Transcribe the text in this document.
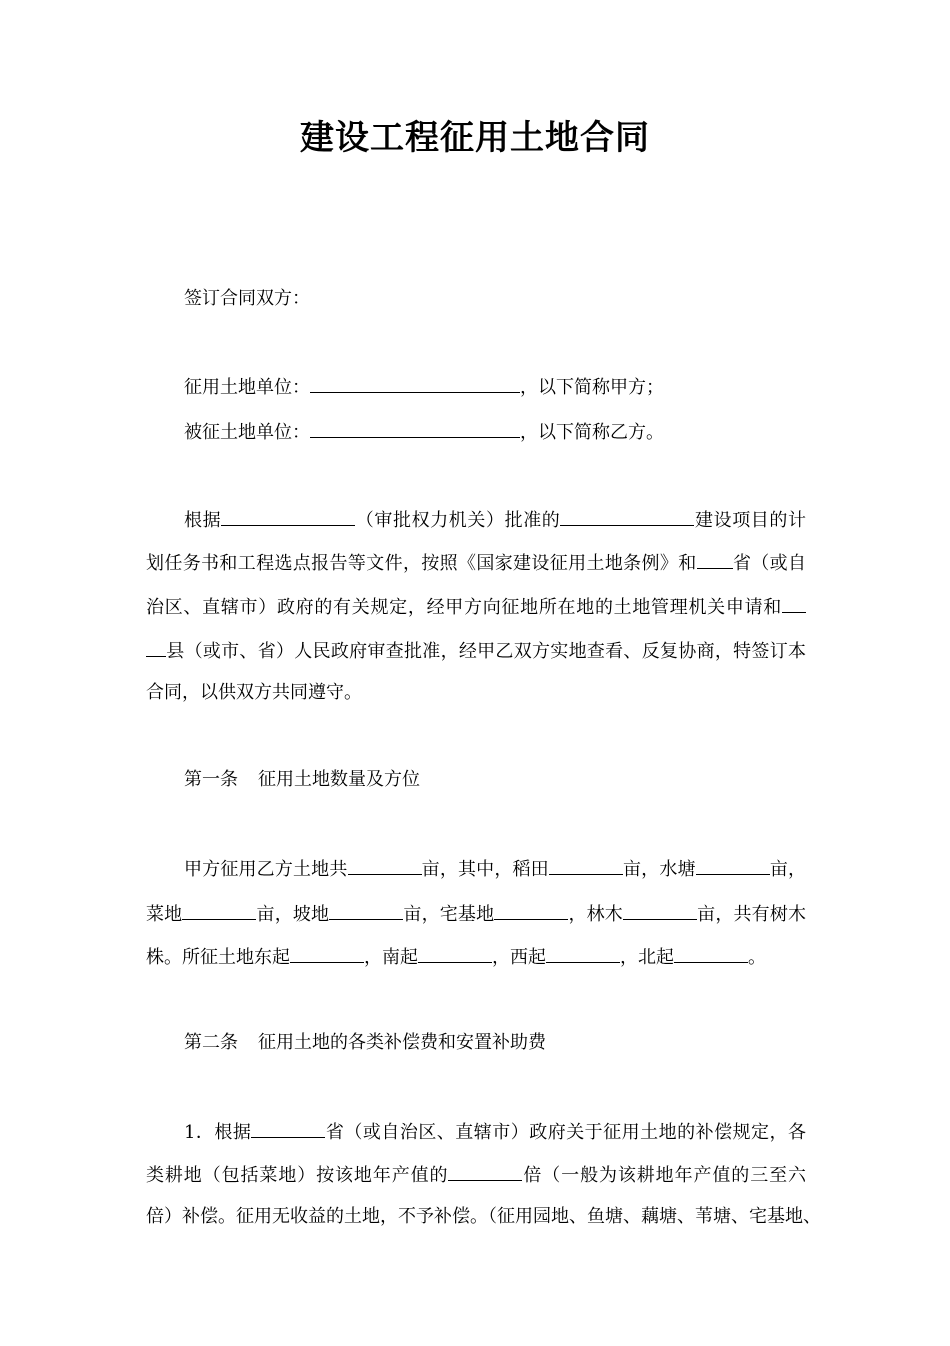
建设工程征用土地合同
签订合同双方：
征用土地单位：	，以下简称甲方；
被征土地单位：	，以下简称乙方。
根据	（审批权力机关）批准的	建设项目的计
划任务书和工程选点报告等文件，按照《国家建设征用土地条例》和 省（或自
治区、直辖市）政府的有关规定，经甲方向征地所在地的土地管理机关申请和
县（或市、省）人民政府审查批准，经甲乙双方实地查看、反复协商，特签订本
合同，以供双方共同遵守。
第一条 征用土地数量及方位
甲方征用乙方土地共	亩，其中，稻田	亩，水塘	亩，
菜地	亩，坡地	亩，宅基地	，林木	亩，共有树木
株。所征土地东起	，南起	，西起	，北起	。
第二条 征用土地的各类补偿费和安置补助费
1．根据	省（或自治区、直辖市）政府关于征用土地的补偿规定，各
类耕地（包括菜地）按该地年产值的	倍（一般为该耕地年产值的三至六
倍）补偿。征用无收益的土地，不予补偿。（征用园地、鱼塘、藕塘、苇塘、宅基地、
